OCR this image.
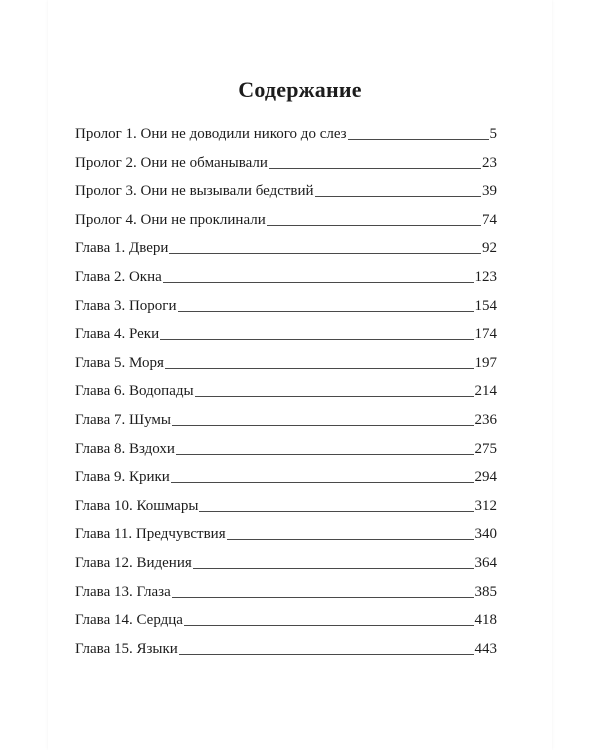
Содержание
Пролог 1. Они не доводили никого до слез	5
Пролог 2. Они не обманывали	23
Пролог 3. Они не вызывали бедствий	39
Пролог 4. Они не проклинали	74
Глава 1. Двери	92
Глава 2. Окна	123
Глава 3. Пороги	154
Глава 4. Реки	174
Глава 5. Моря	197
Глава 6. Водопады	214
Глава 7. Шумы	236
Глава 8. Вздохи	275
Глава 9. Крики	294
Глава 10. Кошмары	312
Глава 11. Предчувствия	340
Глава 12. Видения	364
Глава 13. Глаза	385
Глава 14. Сердца	418
Глава 15. Языки	443
